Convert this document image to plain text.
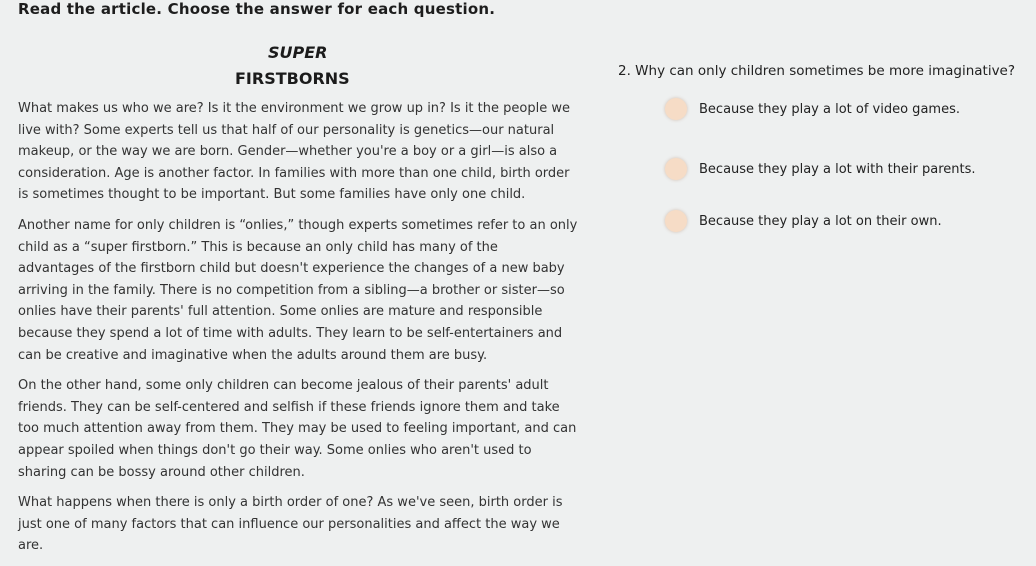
Read the article. Choose the answer for each question.
SUPER
FIRSTBORNS

What makes us who we are? Is it the environment we grow up in? Is it the people we live with? Some experts tell us that half of our personality is genetics—our natural makeup, or the way we are born. Gender—whether you're a boy or a girl—is also a consideration. Age is another factor. In families with more than one child, birth order is sometimes thought to be important. But some families have only one child.

Another name for only children is “onlies,” though experts sometimes refer to an only child as a “super firstborn.” This is because an only child has many of the advantages of the firstborn child but doesn't experience the changes of a new baby arriving in the family. There is no competition from a sibling—a brother or sister—so onlies have their parents' full attention. Some onlies are mature and responsible because they spend a lot of time with adults. They learn to be self-entertainers and can be creative and imaginative when the adults around them are busy.

On the other hand, some only children can become jealous of their parents' adult friends. They can be self-centered and selfish if these friends ignore them and take too much attention away from them. They may be used to feeling important, and can appear spoiled when things don't go their way. Some onlies who aren't used to sharing can be bossy around other children.

What happens when there is only a birth order of one? As we've seen, birth order is just one of many factors that can influence our personalities and affect the way we are.

2. Why can only children sometimes be more imaginative?
Because they play a lot of video games.
Because they play a lot with their parents.
Because they play a lot on their own.
